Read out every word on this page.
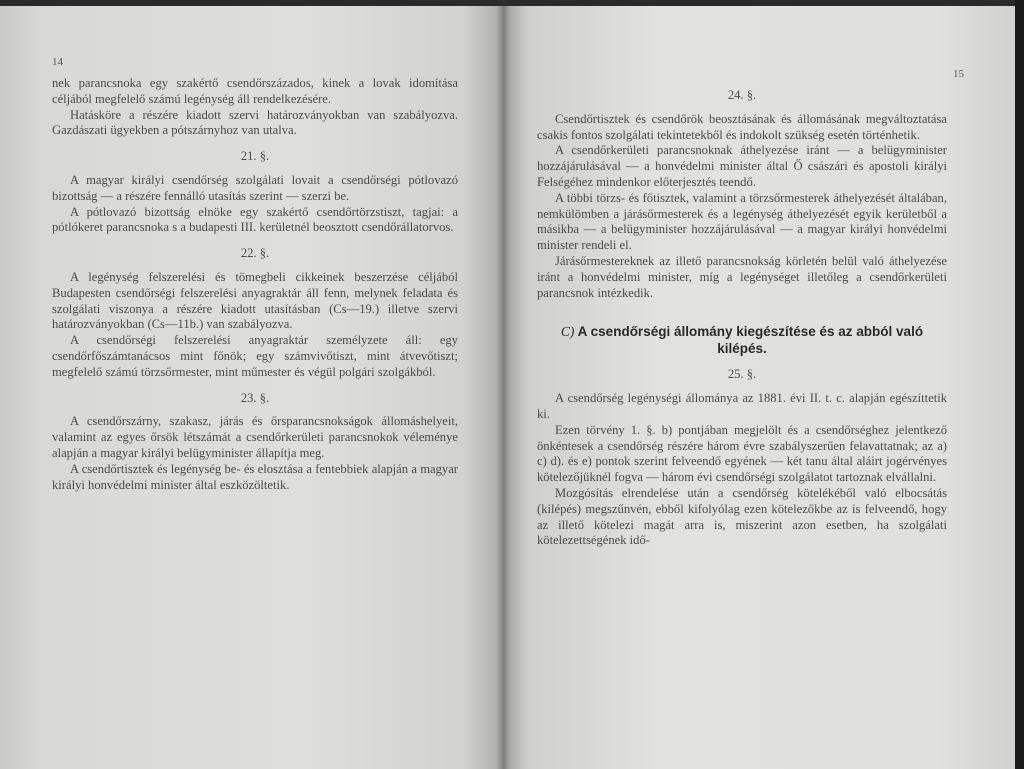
14

nek parancsnoka egy szakértő csendőrszázados, kinek a lovak idomítása céljából megfelelő számú legénység áll rendelkezésére.

Hatásköre a részére kiadott szervi határozványokban van szabályozva. Gazdászati ügyekben a pótszárnyhoz van utalva.

21. §.

A magyar királyi csendőrség szolgálati lovait a csendőrségi pótlovazó bizottság — a részére fennálló utasítás szerint — szerzi be.

A pótlovazó bizottság elnöke egy szakértő csendőrtörzstiszt, tagjai: a pótlókeret parancsnoka s a budapesti III. kerületnél beosztott csendőrállatorvos.

22. §.

A legénység felszerelési és tömegbeli cikkeinek beszerzése céljából Budapesten csendőrségi felszerelési anyagraktár áll fenn, melynek feladata és szolgálati viszonya a részére kiadott utasításban (Cs—19.) illetve szervi határozványokban (Cs—11b.) van szabályozva.

A csendőrségi felszerelési anyagraktár személyzete áll: egy csendőrfőszámtanácsos mint főnök; egy számvivőtiszt, mint átvevőtiszt; megfelelő számú törzsőrmester, mint műmester és végül polgári szolgákból.

23. §.

A csendőrszárny, szakasz, járás és őrsparancsnokságok állomáshelyeit, valamint az egyes őrsök létszámát a csendőrkerületi parancsnokok véleménye alapján a magyar királyi belügyminister állapítja meg.

A csendőrtisztek és legénység be- és elosztása a fentebbiek alapján a magyar királyi honvédelmi minister által eszközöltetik.

15

24. §.

Csendőrtisztek és csendőrök beosztásának és állomásának megváltoztatása csakis fontos szolgálati tekintetekből és indokolt szükség esetén történhetik.

A csendőrkerületi parancsnoknak áthelyezése iránt — a belügyminister hozzájárulásával — a honvédelmi minister által Ő császári és apostoli királyi Felségéhez mindenkor előterjesztés teendő.

A többi törzs- és főtisztek, valamint a törzsőrmesterek áthelyezését általában, nemkülömben a járásőrmesterek és a legénység áthelyezését egyik kerületből a másikba — a belügyminister hozzájárulásával — a magyar királyi honvédelmi minister rendeli el.

Járásőrmestereknek az illető parancsnokság körletén belül való áthelyezése iránt a honvédelmi minister, míg a legénységet illetőleg a csendőrkerületi parancsnok intézkedik.

C) A csendőrségi állomány kiegészítése és az abból való kilépés.

25. §.

A csendőrség legénységi állománya az 1881. évi II. t. c. alapján egészíttetik ki.

Ezen törvény 1. §. b) pontjában megjelölt és a csendőrséghez jelentkező önkéntesek a csendőrség részére három évre szabályszerűen felavattatnak; az a) c) d). és e) pontok szerint felveendő egyének — két tanu által aláirt jogérvényes kötelezőjüknél fogva — három évi csendőrségi szolgálatot tartoznak elvállalni.

Mozgósítás elrendelése után a csendőrség kötelékéből való elbocsátás (kilépés) megszűnvén, ebből kifolyólag ezen kötelezőkbe az is felveendő, hogy az illető kötelezi magát arra is, miszerint azon esetben, ha szolgálati kötelezettségének idő-
